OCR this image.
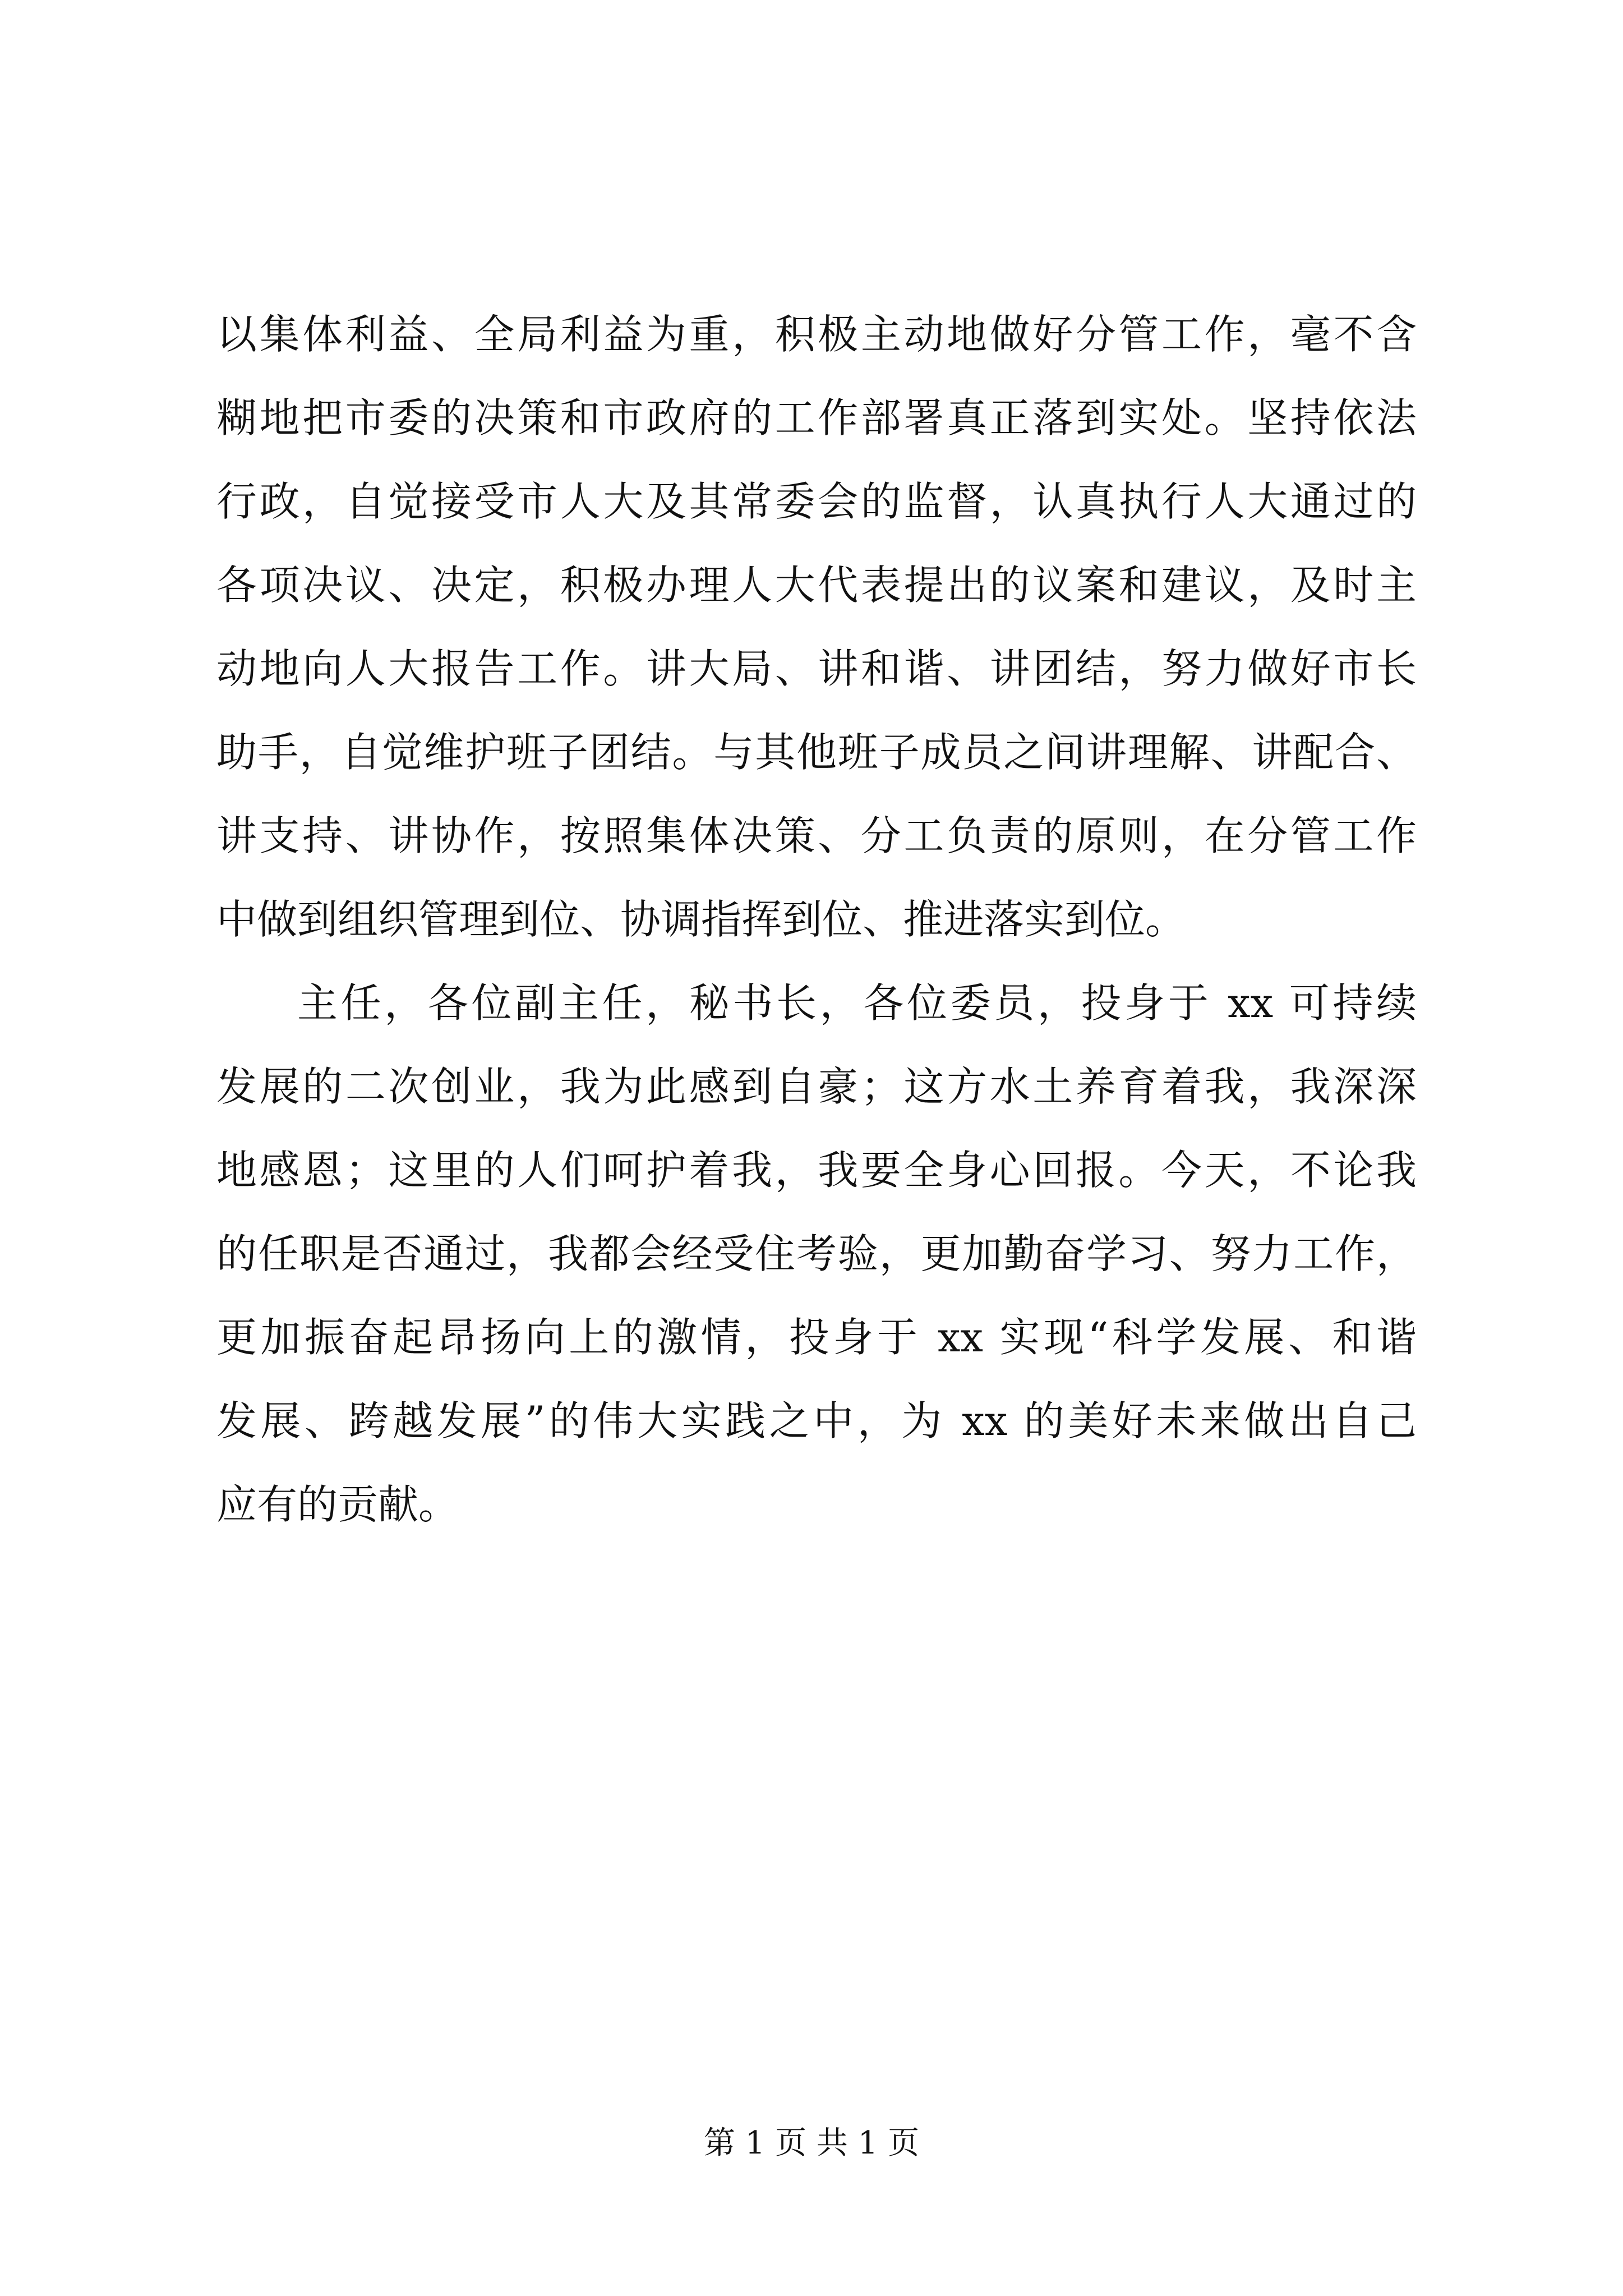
以集体利益、全局利益为重，积极主动地做好分管工作，毫不含
糊地把市委的决策和市政府的工作部署真正落到实处。坚持依法
行政，自觉接受市人大及其常委会的监督，认真执行人大通过的
各项决议、决定，积极办理人大代表提出的议案和建议，及时主
动地向人大报告工作。讲大局、讲和谐、讲团结，努力做好市长
助手，自觉维护班子团结。与其他班子成员之间讲理解、讲配合、
讲支持、讲协作，按照集体决策、分工负责的原则，在分管工作
中做到组织管理到位、协调指挥到位、推进落实到位。
主任，各位副主任，秘书长，各位委员，投身于 xx 可持续
发展的二次创业，我为此感到自豪；这方水土养育着我，我深深
地感恩；这里的人们呵护着我，我要全身心回报。今天，不论我
的任职是否通过，我都会经受住考验，更加勤奋学习、努力工作，
更加振奋起昂扬向上的激情，投身于 xx 实现“科学发展、和谐
发展、跨越发展”的伟大实践之中，为 xx 的美好未来做出自己
应有的贡献。
第 1 页 共 1 页
